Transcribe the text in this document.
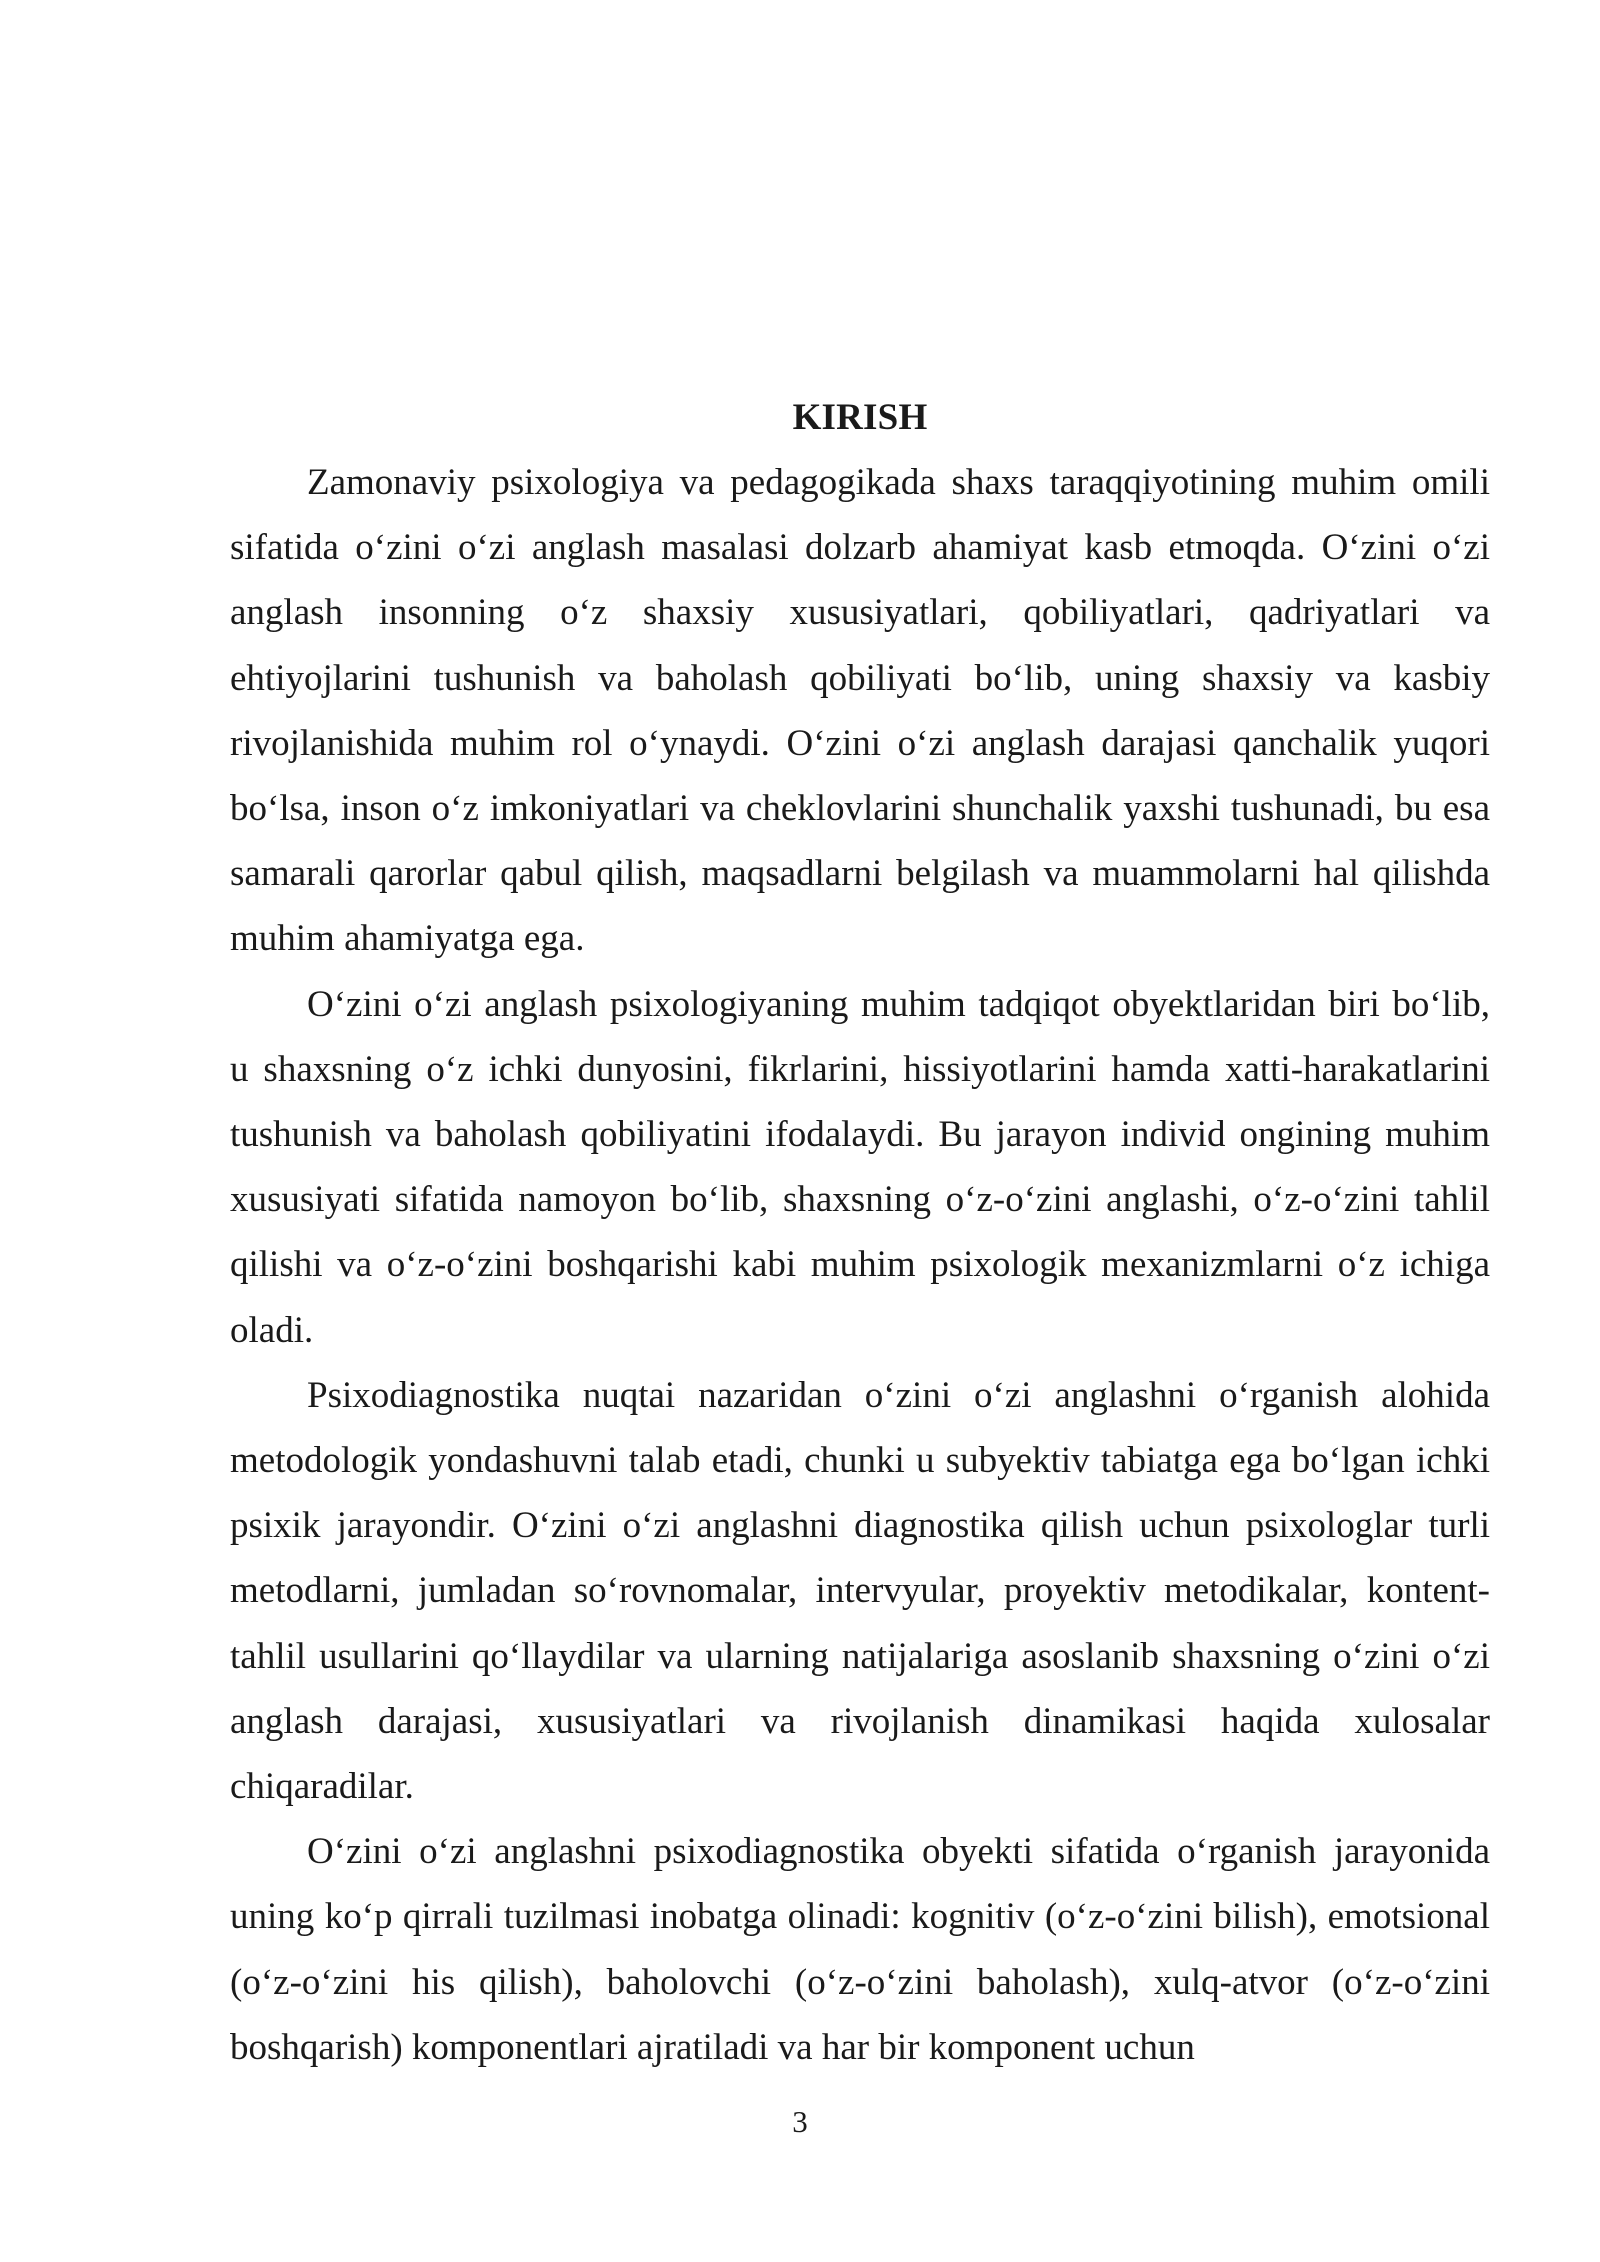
KIRISH

Zamonaviy psixologiya va pedagogikada shaxs taraqqiyotining muhim omili sifatida o‘zini o‘zi anglash masalasi dolzarb ahamiyat kasb etmoqda. O‘zini o‘zi anglash insonning o‘z shaxsiy xususiyatlari, qobiliyatlari, qadriyatlari va ehtiyojlarini tushunish va baholash qobiliyati bo‘lib, uning shaxsiy va kasbiy rivojlanishida muhim rol o‘ynaydi. O‘zini o‘zi anglash darajasi qanchalik yuqori bo‘lsa, inson o‘z imkoniyatlari va cheklovlarini shunchalik yaxshi tushunadi, bu esa samarali qarorlar qabul qilish, maqsadlarni belgilash va muammolarni hal qilishda muhim ahamiyatga ega.

O‘zini o‘zi anglash psixologiyaning muhim tadqiqot obyektlaridan biri bo‘lib, u shaxsning o‘z ichki dunyosini, fikrlarini, hissiyotlarini hamda xatti-harakatlarini tushunish va baholash qobiliyatini ifodalaydi. Bu jarayon individ ongining muhim xususiyati sifatida namoyon bo‘lib, shaxsning o‘z-o‘zini anglashi, o‘z-o‘zini tahlil qilishi va o‘z-o‘zini boshqarishi kabi muhim psixologik mexanizmlarni o‘z ichiga oladi.

Psixodiagnostika nuqtai nazaridan o‘zini o‘zi anglashni o‘rganish alohida metodologik yondashuvni talab etadi, chunki u subyektiv tabiatga ega bo‘lgan ichki psixik jarayondir. O‘zini o‘zi anglashni diagnostika qilish uchun psixologlar turli metodlarni, jumladan so‘rovnomalar, intervyular, proyektiv metodikalar, kontent-tahlil usullarini qo‘llaydilar va ularning natijalariga asoslanib shaxsning o‘zini o‘zi anglash darajasi, xususiyatlari va rivojlanish dinamikasi haqida xulosalar chiqaradilar.

O‘zini o‘zi anglashni psixodiagnostika obyekti sifatida o‘rganish jarayonida uning ko‘p qirrali tuzilmasi inobatga olinadi: kognitiv (o‘z-o‘zini bilish), emotsional (o‘z-o‘zini his qilish), baholovchi (o‘z-o‘zini baholash), xulq-atvor (o‘z-o‘zini boshqarish) komponentlari ajratiladi va har bir komponent uchun

3
